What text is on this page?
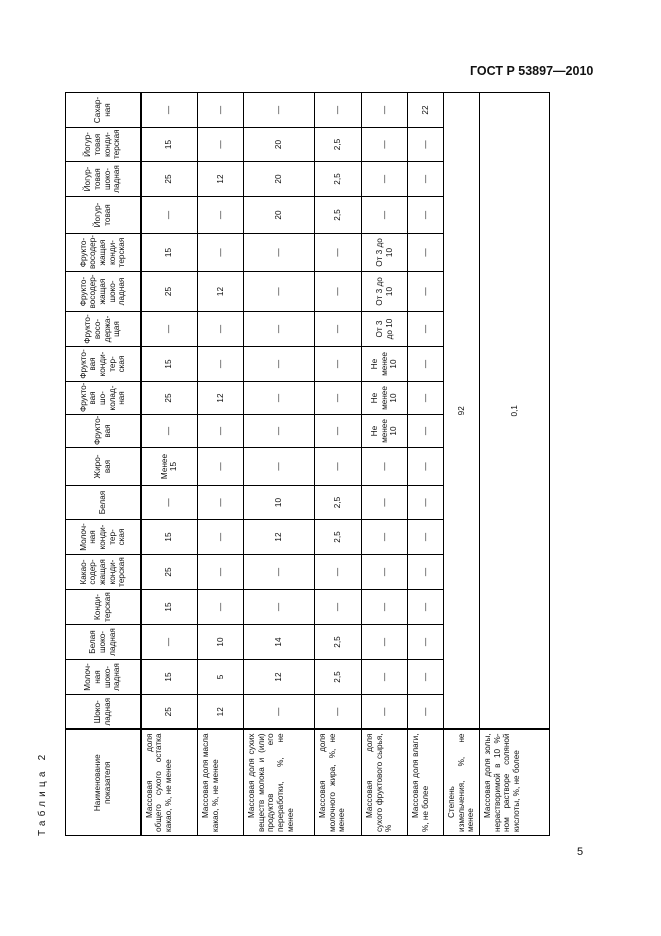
ГОСТ Р 53897—2010
Таблица 2	Наименование
показателя	Шоко-
ладная	Молоч-
ная
шоко-
ладная	Белая
шоко-
ладная	Конди-
терская	Какао-
содер-
жащая
конди-
терская	Молоч-
ная
конди-
тер-
ская	Белая	Жиро-
вая	Фрукто-
вая	Фрукто-
вая шо-
колад-
ная	Фрукто-
вая
конди-
тер-
ская	Фрукто-
восо-
держа-
щая	Фрукто-
восодер-
жащая
шоко-
ладная	Фрукто-
восодер-
жащая
конди-
терская	Йогур-
товая	Йогур-
товая
шоко-
ладная	Йогур-
товая
конди-
терская	Сахар-
ная
Массовая доля общего сухого остатка какао, %, не менее	25	15	—	15	25	15	—	Менее
15	—	25	15	—	25	15	—	25	15	—
Массовая доля масла какао, %, не менее	12	5	10	—	—	—	—	—	—	12	—	—	12	—	—	12	—	—
Массовая доля сухих веществ молока и (или) продуктов его переработки, %, не менее	—	12	14	—	—	12	10	—	—	—	—	—	—	—	20	20	20	—
Массовая доля молочного жира, %, не менее	—	2,5	2,5	—	—	2,5	2,5	—	—	—	—	—	—	—	2,5	2,5	2,5	—
Массовая доля сухого фруктового сырья, %	—	—	—	—	—	—	—	—	Не
менее
10	Не
менее
10	Не
менее
10	От 3
до 10	От 3 до
10	От 3 до
10	—	—	—	—
Массовая доля влаги, %, не более	—	—	—	—	—	—	—	—	—	—	—	—	—	—	—	—	—	22
Степень измельчения, %, не менее	92																	
Массовая доля золы, нерастворимой в 10 %-ном растворе соляной кислоты, %, не более	0,1																	
5
